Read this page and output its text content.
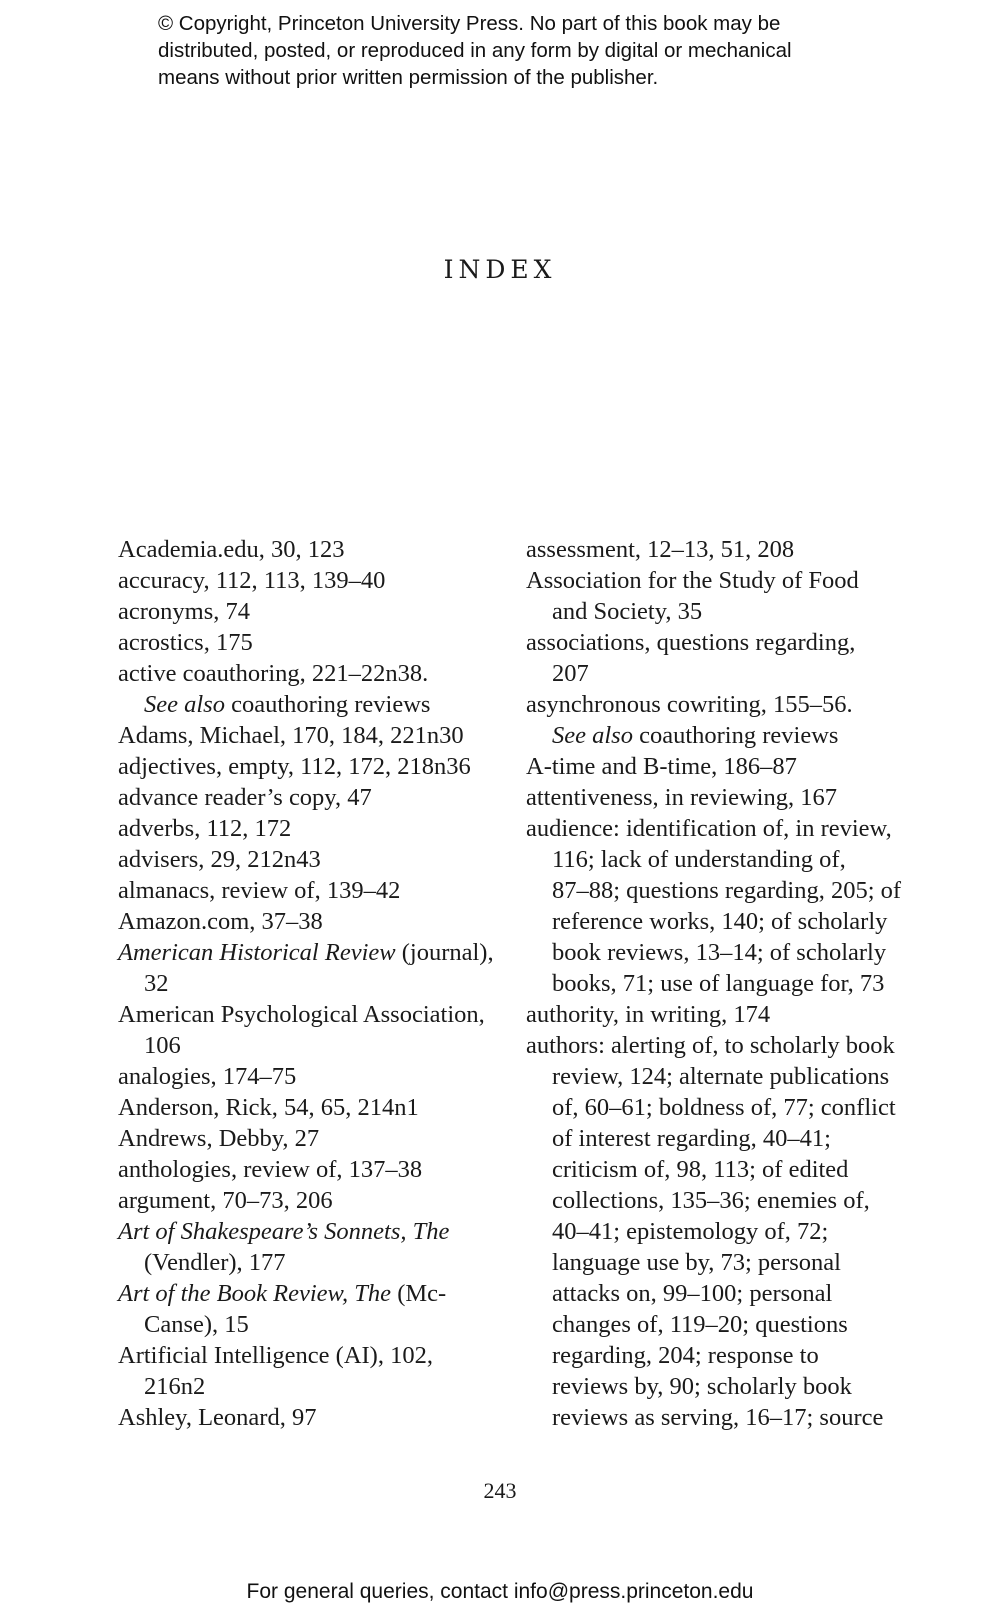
© Copyright, Princeton University Press. No part of this book may be
distributed, posted, or reproduced in any form by digital or mechanical
means without prior written permission of the publisher.
INDEX
Academia.edu, 30, 123
accuracy, 112, 113, 139–40
acronyms, 74
acrostics, 175
active coauthoring, 221–22n38.
See also coauthoring reviews
Adams, Michael, 170, 184, 221n30
adjectives, empty, 112, 172, 218n36
advance reader’s copy, 47
adverbs, 112, 172
advisers, 29, 212n43
almanacs, review of, 139–42
Amazon.com, 37–38
American Historical Review (journal),
32
American Psychological Association,
106
analogies, 174–75
Anderson, Rick, 54, 65, 214n1
Andrews, Debby, 27
anthologies, review of, 137–38
argument, 70–73, 206
Art of Shakespeare’s Sonnets, The
(Vendler), 177
Art of the Book Review, The (Mc-
Canse), 15
Artificial Intelligence (AI), 102,
216n2
Ashley, Leonard, 97
assessment, 12–13, 51, 208
Association for the Study of Food
and Society, 35
associations, questions regarding,
207
asynchronous cowriting, 155–56.
See also coauthoring reviews
A-time and B-time, 186–87
attentiveness, in reviewing, 167
audience: identification of, in review,
116; lack of understanding of,
87–88; questions regarding, 205; of
reference works, 140; of scholarly
book reviews, 13–14; of scholarly
books, 71; use of language for, 73
authority, in writing, 174
authors: alerting of, to scholarly book
review, 124; alternate publications
of, 60–61; boldness of, 77; conflict
of interest regarding, 40–41;
criticism of, 98, 113; of edited
collections, 135–36; enemies of,
40–41; epistemology of, 72;
language use by, 73; personal
attacks on, 99–100; personal
changes of, 119–20; questions
regarding, 204; response to
reviews by, 90; scholarly book
reviews as serving, 16–17; source
243
For general queries, contact info@press.princeton.edu
